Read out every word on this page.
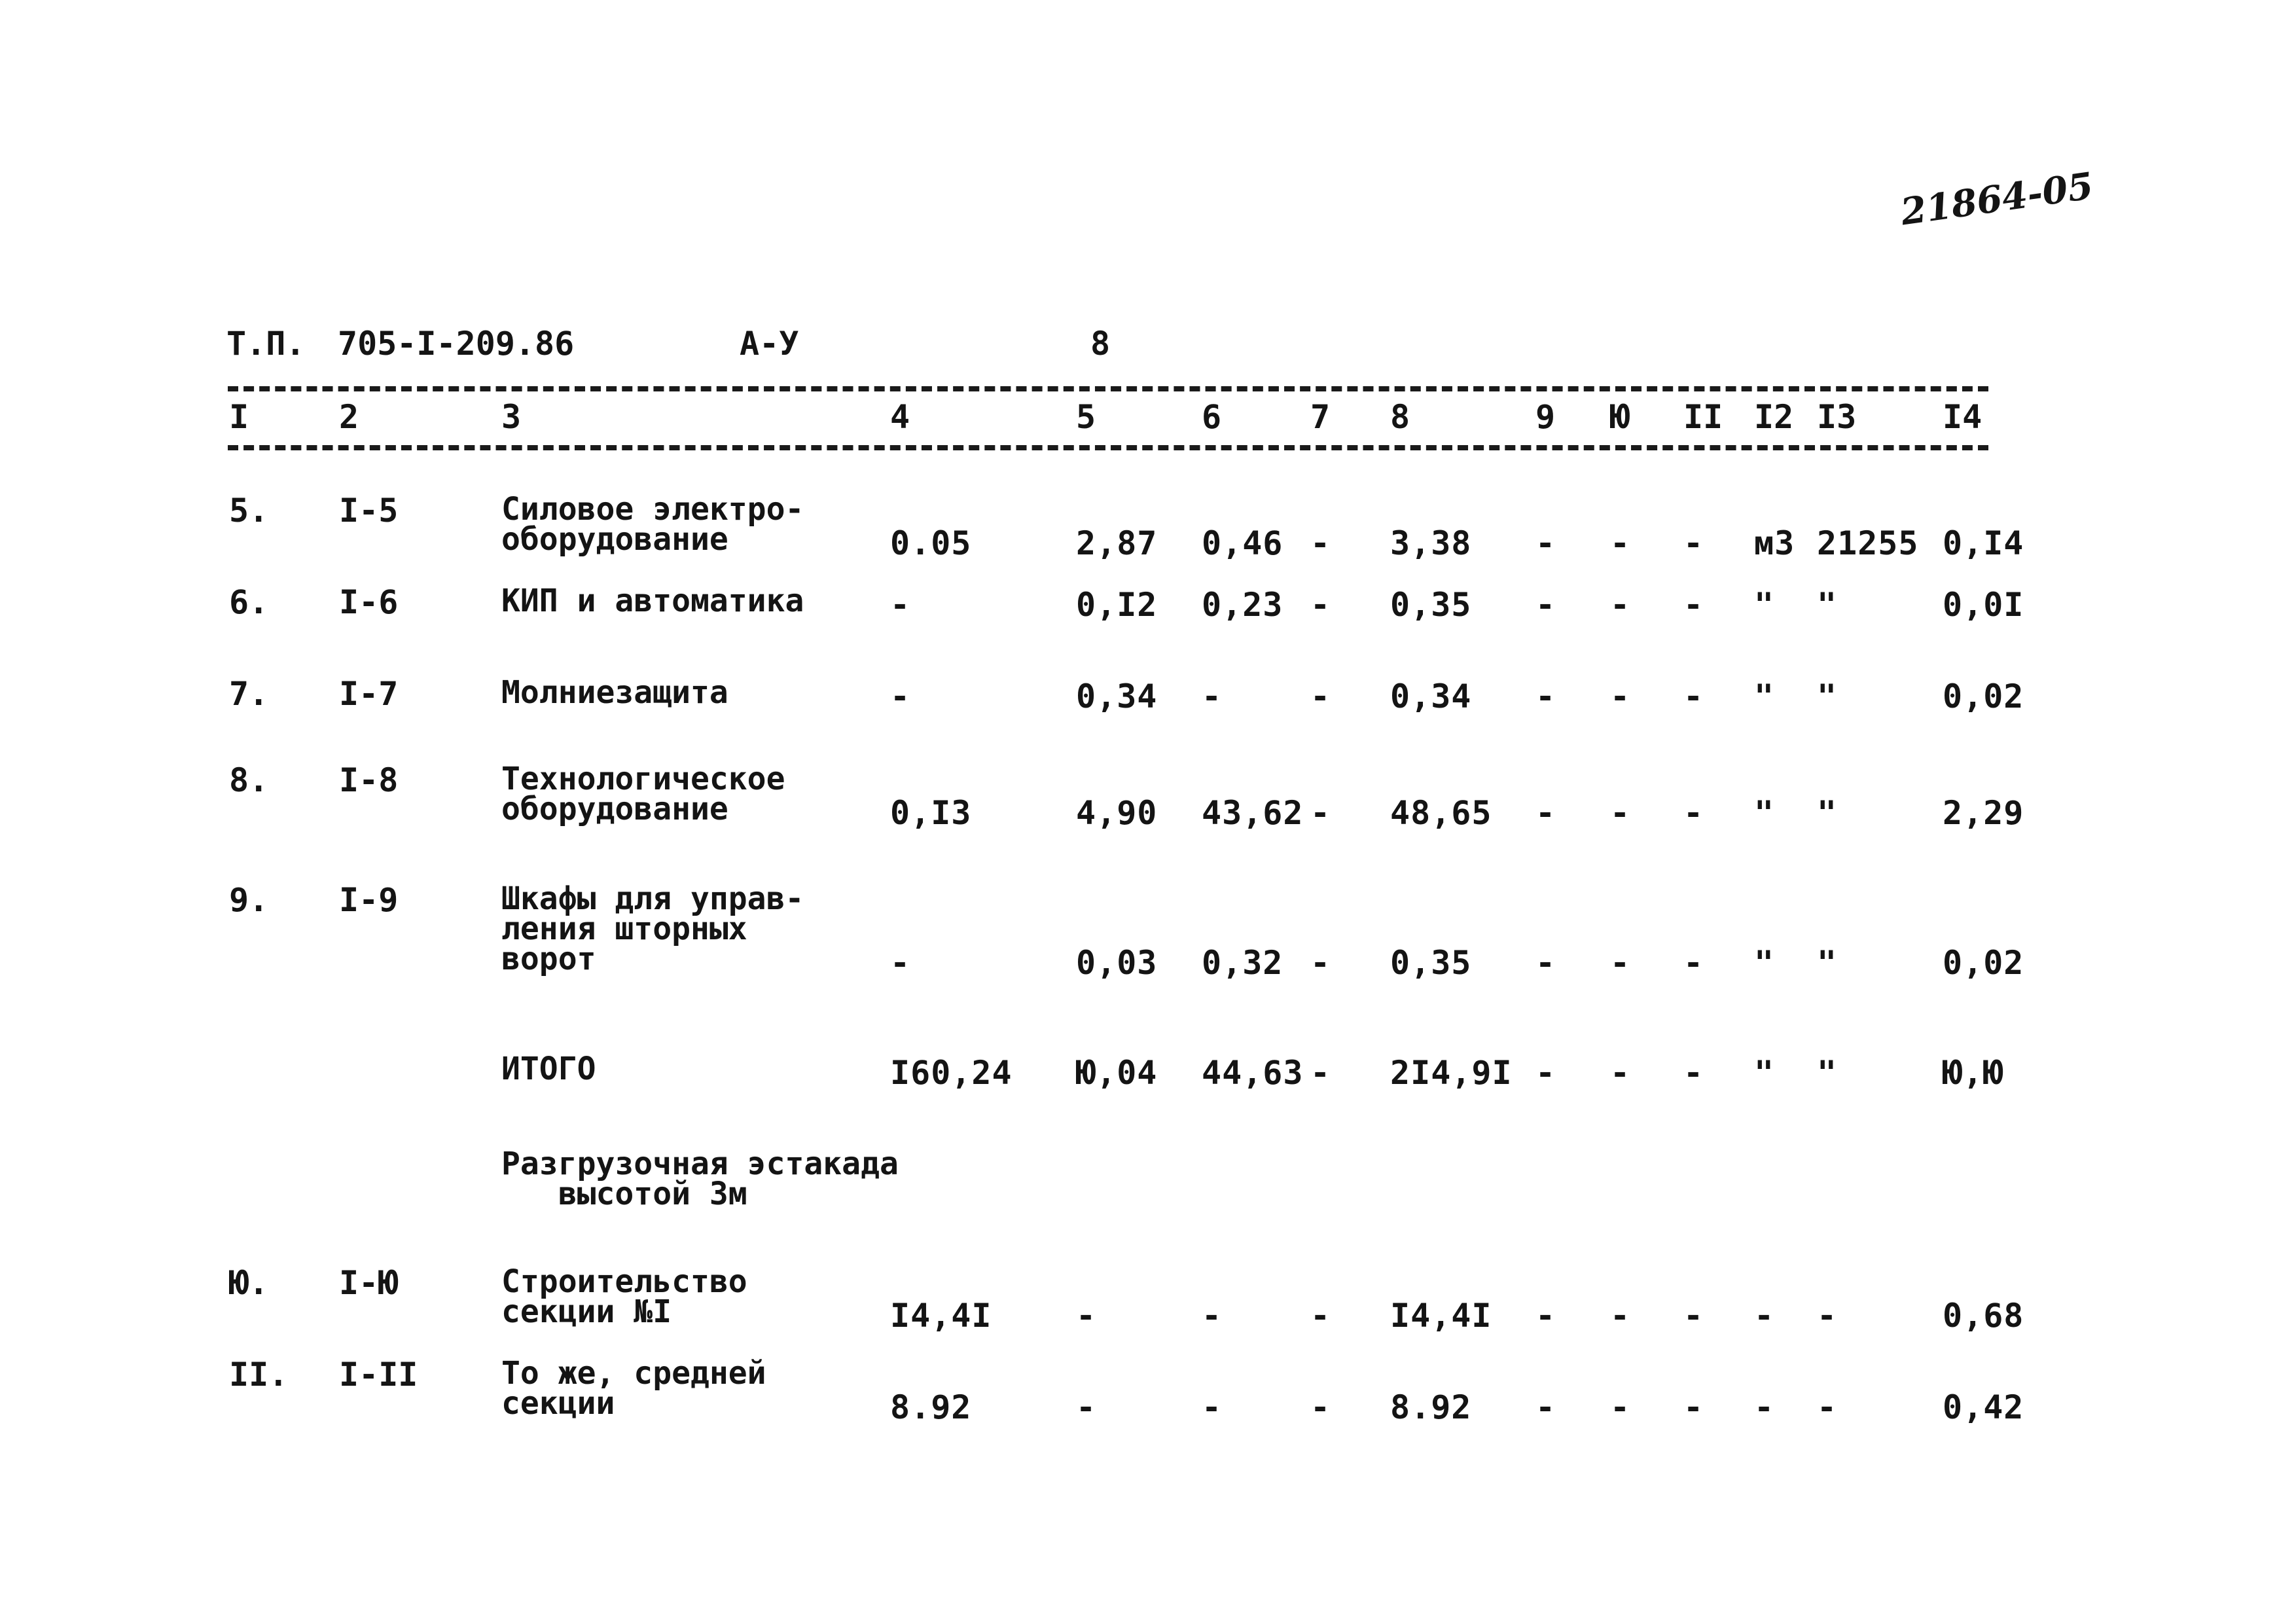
21864-05
Т.П. 705-I-209.86	А-У	8
I	2	3	4	5	6	7 8	9 Ю II I2 I3	I4
5. I-5	Силовое электро-
оборудование	0.05	2,87 0,46 - 3,38 - - - м3 21255 0,I4
6. I-6	КИП и автоматика	-	0,I2 0,23 - 0,35 - - - " "	0,0I
7. I-7	Молниезащита	-	0,34 -	- 0,34 - - - " "	0,02
8. I-8	Технологическое
оборудование	0,I3	4,90 43,62 - 48,65 - - - " "	2,29
9. I-9	Шкафы для управ-
ления шторных
ворот	-	0,03 0,32 - 0,35 - - - " "	0,02
ИТОГО	I60,24 Ю,04 44,63 - 2I4,9I - - - " "	Ю,Ю
Разгрузочная эстакада
высотой 3м
Ю. I-Ю	Строительство
секции №I	I4,4I	-	-	- I4,4I - - - - -	0,68
II. I-II	То же, средней
секции	8.92	-	-	- 8.92 - - - - -	0,42
